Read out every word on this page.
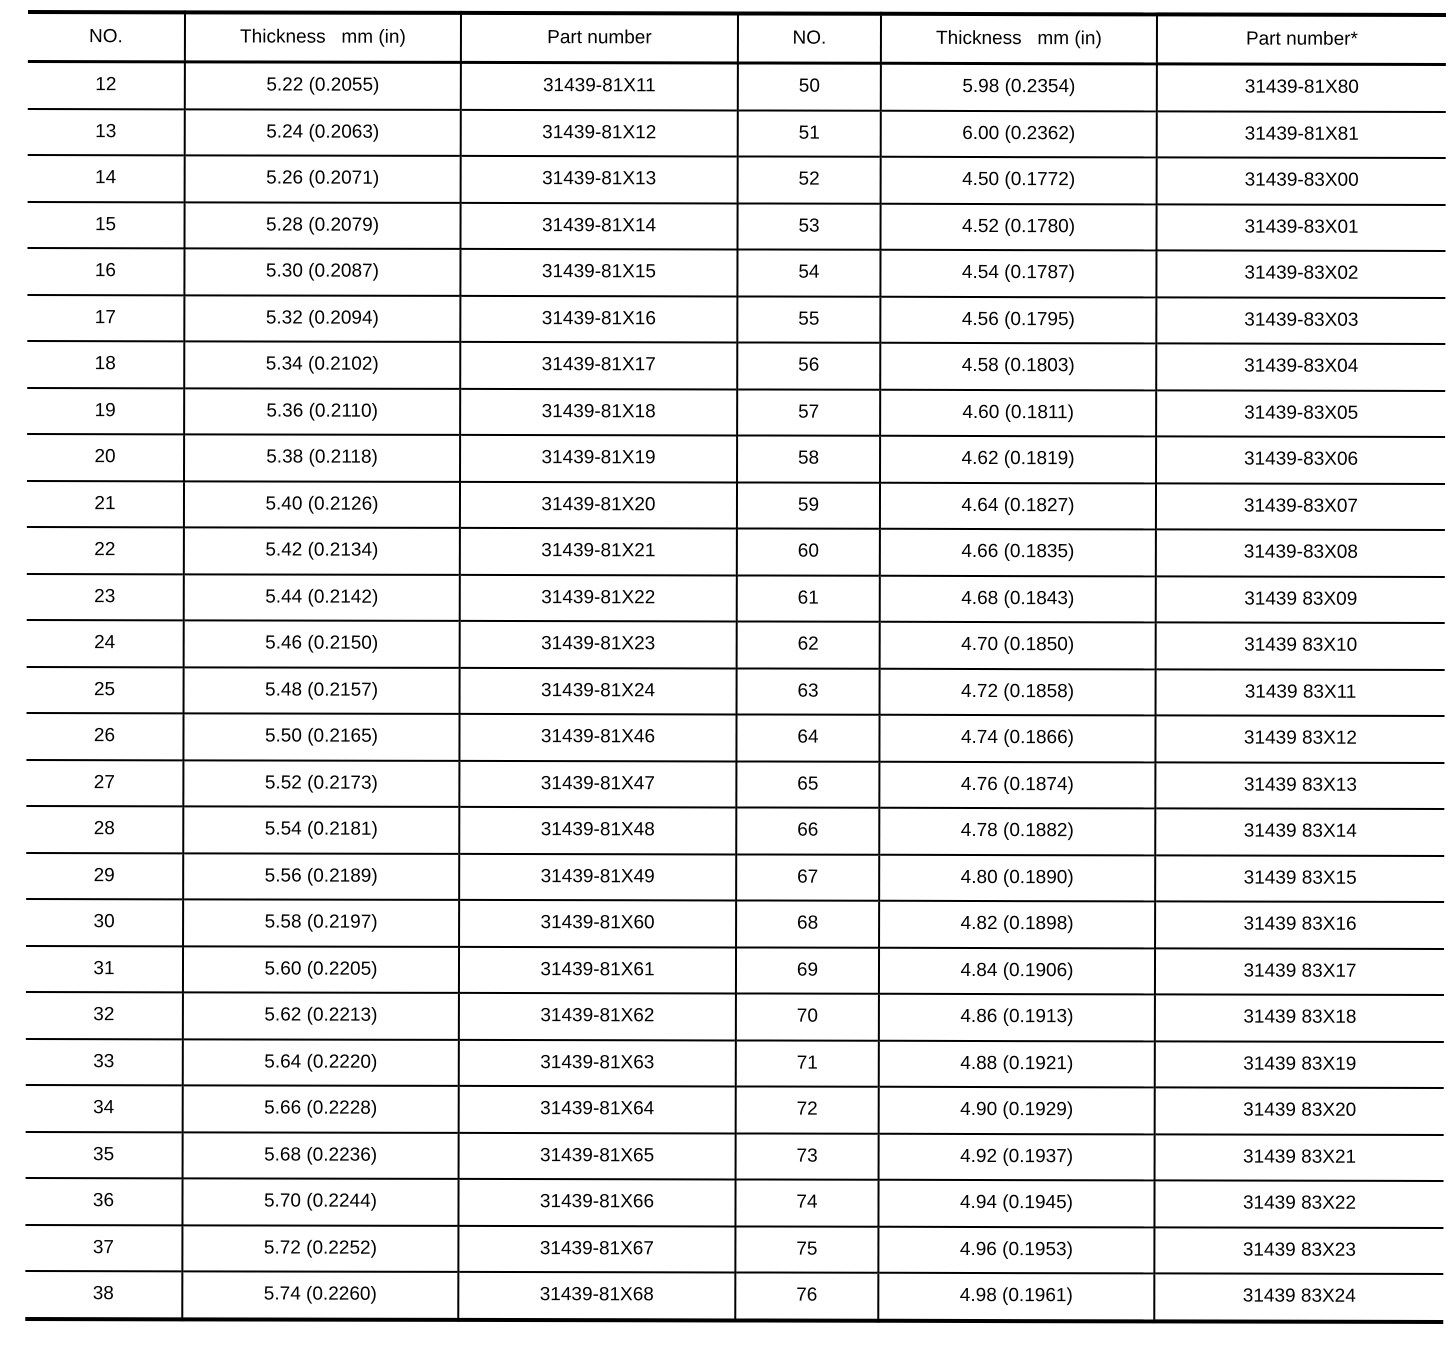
NO.	Thickness   mm (in)	Part number	NO.	Thickness   mm (in)	Part number*
12	5.22 (0.2055)	31439-81X11	50	5.98 (0.2354)	31439-81X80
13	5.24 (0.2063)	31439-81X12	51	6.00 (0.2362)	31439-81X81
14	5.26 (0.2071)	31439-81X13	52	4.50 (0.1772)	31439-83X00
15	5.28 (0.2079)	31439-81X14	53	4.52 (0.1780)	31439-83X01
16	5.30 (0.2087)	31439-81X15	54	4.54 (0.1787)	31439-83X02
17	5.32 (0.2094)	31439-81X16	55	4.56 (0.1795)	31439-83X03
18	5.34 (0.2102)	31439-81X17	56	4.58 (0.1803)	31439-83X04
19	5.36 (0.2110)	31439-81X18	57	4.60 (0.1811)	31439-83X05
20	5.38 (0.2118)	31439-81X19	58	4.62 (0.1819)	31439-83X06
21	5.40 (0.2126)	31439-81X20	59	4.64 (0.1827)	31439-83X07
22	5.42 (0.2134)	31439-81X21	60	4.66 (0.1835)	31439-83X08
23	5.44 (0.2142)	31439-81X22	61	4.68 (0.1843)	31439 83X09
24	5.46 (0.2150)	31439-81X23	62	4.70 (0.1850)	31439 83X10
25	5.48 (0.2157)	31439-81X24	63	4.72 (0.1858)	31439 83X11
26	5.50 (0.2165)	31439-81X46	64	4.74 (0.1866)	31439 83X12
27	5.52 (0.2173)	31439-81X47	65	4.76 (0.1874)	31439 83X13
28	5.54 (0.2181)	31439-81X48	66	4.78 (0.1882)	31439 83X14
29	5.56 (0.2189)	31439-81X49	67	4.80 (0.1890)	31439 83X15
30	5.58 (0.2197)	31439-81X60	68	4.82 (0.1898)	31439 83X16
31	5.60 (0.2205)	31439-81X61	69	4.84 (0.1906)	31439 83X17
32	5.62 (0.2213)	31439-81X62	70	4.86 (0.1913)	31439 83X18
33	5.64 (0.2220)	31439-81X63	71	4.88 (0.1921)	31439 83X19
34	5.66 (0.2228)	31439-81X64	72	4.90 (0.1929)	31439 83X20
35	5.68 (0.2236)	31439-81X65	73	4.92 (0.1937)	31439 83X21
36	5.70 (0.2244)	31439-81X66	74	4.94 (0.1945)	31439 83X22
37	5.72 (0.2252)	31439-81X67	75	4.96 (0.1953)	31439 83X23
38	5.74 (0.2260)	31439-81X68	76	4.98 (0.1961)	31439 83X24
